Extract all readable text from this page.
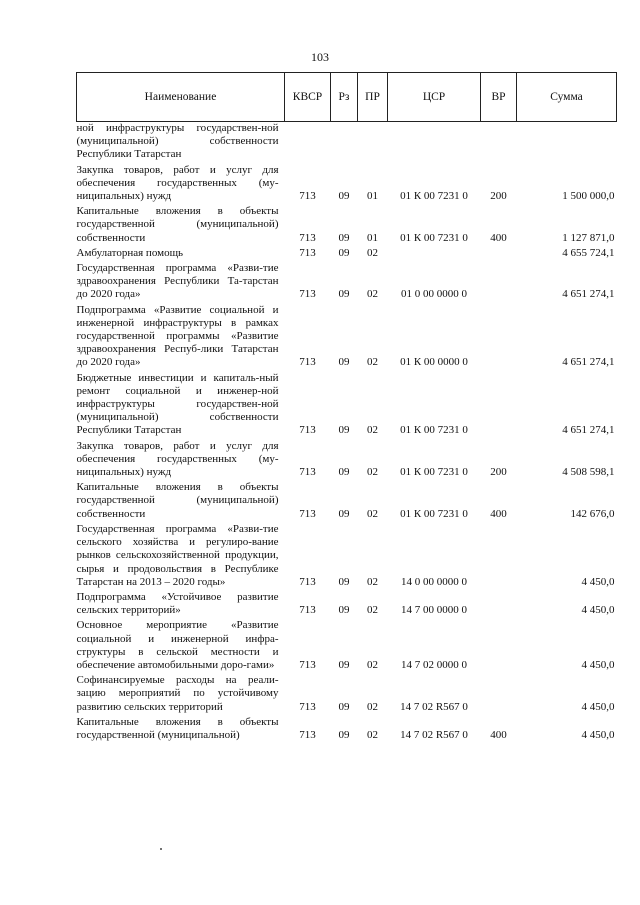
103
Наименование	КВСР	Рз	ПР	ЦСР	ВР	Сумма
ной инфраструктуры государствен-ной (муниципальной) собственности Республики Татарстан						
Закупка товаров, работ и услуг для обеспечения государственных (му-ниципальных) нужд	713	09	01	01 К 00 7231 0	200	1 500 000,0
Капитальные вложения в объекты государственной (муниципальной) собственности	713	09	01	01 К 00 7231 0	400	1 127 871,0
Амбулаторная помощь	713	09	02			4 655 724,1
Государственная программа «Разви-тие здравоохранения Республики Та-тарстан до 2020 года»	713	09	02	01 0 00 0000 0		4 651 274,1
Подпрограмма «Развитие социальной и инженерной инфраструктуры в рамках государственной программы «Развитие здравоохранения Респуб-лики Татарстан до 2020 года»	713	09	02	01 К 00 0000 0		4 651 274,1
Бюджетные инвестиции и капиталь-ный ремонт социальной и инженер-ной инфраструктуры государствен-ной (муниципальной) собственности Республики Татарстан	713	09	02	01 К 00 7231 0		4 651 274,1
Закупка товаров, работ и услуг для обеспечения государственных (му-ниципальных) нужд	713	09	02	01 К 00 7231 0	200	4 508 598,1
Капитальные вложения в объекты государственной (муниципальной) собственности	713	09	02	01 К 00 7231 0	400	142 676,0
Государственная программа «Разви-тие сельского хозяйства и регулиро-вание рынков сельскохозяйственной продукции, сырья и продовольствия в Республике Татарстан на 2013 – 2020 годы»	713	09	02	14 0 00 0000 0		4 450,0
Подпрограмма «Устойчивое развитие сельских территорий»	713	09	02	14 7 00 0000 0		4 450,0
Основное мероприятие «Развитие социальной и инженерной инфра-структуры в сельской местности и обеспечение автомобильными доро-гами»	713	09	02	14 7 02 0000 0		4 450,0
Софинансируемые расходы на реали-зацию мероприятий по устойчивому развитию сельских территорий	713	09	02	14 7 02 R567 0		4 450,0
Капитальные вложения в объекты государственной (муниципальной)	713	09	02	14 7 02 R567 0	400	4 450,0
